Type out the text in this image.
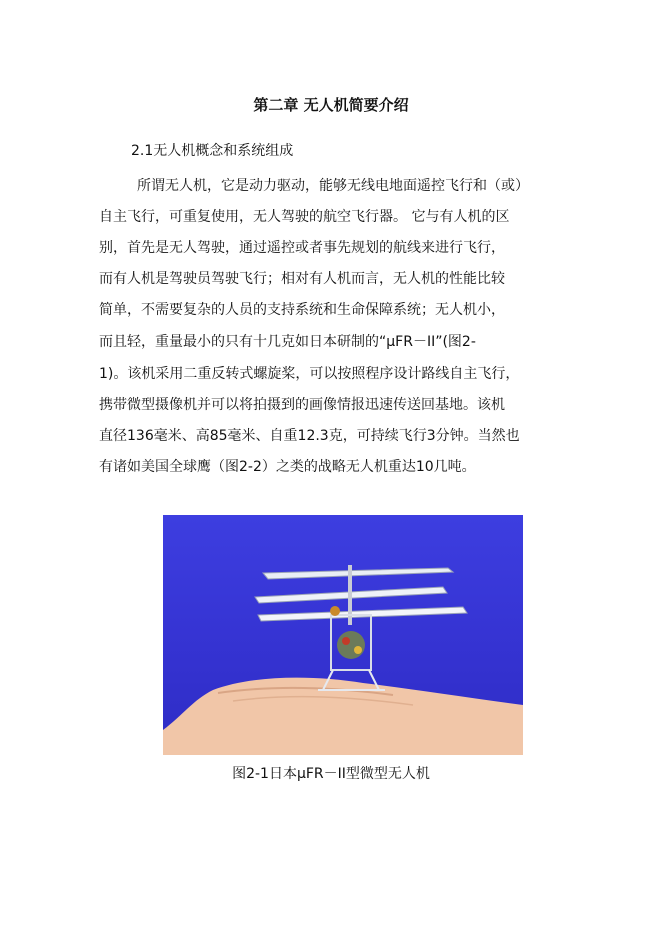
第二章 无人机简要介绍
2.1无人机概念和系统组成
所谓无人机，它是动力驱动，能够无线电地面遥控飞行和（或）
自主飞行，可重复使用，无人驾驶的航空飞行器。 它与有人机的区
别，首先是无人驾驶，通过遥控或者事先规划的航线来进行飞行，
而有人机是驾驶员驾驶飞行；相对有人机而言，无人机的性能比较
简单，不需要复杂的人员的支持系统和生命保障系统；无人机小，
而且轻，重量最小的只有十几克如日本研制的“μFR－II”(图2-
1)。该机采用二重反转式螺旋桨，可以按照程序设计路线自主飞行，
携带微型摄像机并可以将拍摄到的画像情报迅速传送回基地。该机
直径136毫米、高85毫米、自重12.3克，可持续飞行3分钟。当然也
有诸如美国全球鹰（图2-2）之类的战略无人机重达10几吨。
图2-1日本μFR－II型微型无人机
